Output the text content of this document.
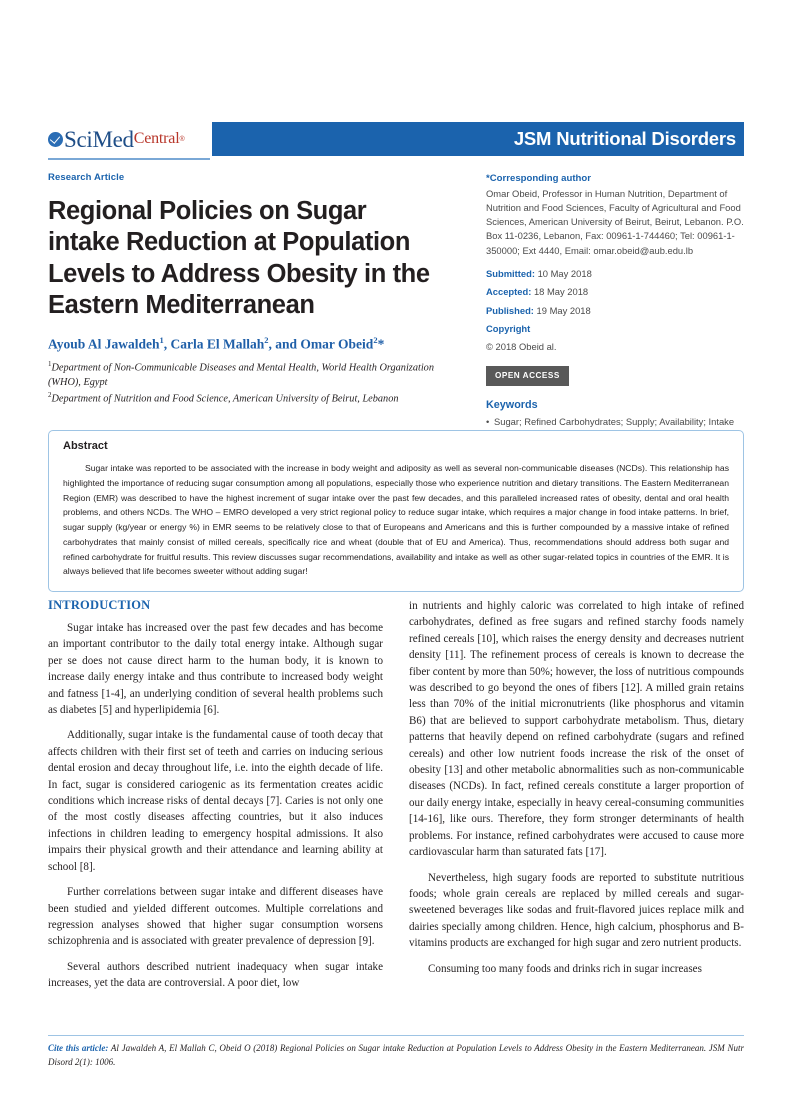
SciMed Central ®	JSM Nutritional Disorders
Research Article
Regional Policies on Sugar intake Reduction at Population Levels to Address Obesity in the Eastern Mediterranean
Ayoub Al Jawaldeh$^1$, Carla El Mallah$^2$, and Omar Obeid$^2$*
$^1$Department of Non-Communicable Diseases and Mental Health, World Health Organization (WHO), Egypt
$^2$Department of Nutrition and Food Science, American University of Beirut, Lebanon
*Corresponding author
Omar Obeid, Professor in Human Nutrition, Department of Nutrition and Food Sciences, Faculty of Agricultural and Food Sciences, American University of Beirut, Beirut, Lebanon. P.O. Box 11-0236, Lebanon, Fax: 00961-1-744460; Tel: 00961-1-350000; Ext 4440, Email: omar.obeid@aub.edu.lb

Submitted: 10 May 2018

Accepted: 18 May 2018

Published: 19 May 2018

Copyright

© 2018 Obeid al.

OPEN ACCESS
Keywords
• Sugar; Refined Carbohydrates; Supply; Availability; Intake
Abstract
Sugar intake was reported to be associated with the increase in body weight and adiposity as well as several non-communicable diseases (NCDs). This relationship has highlighted the importance of reducing sugar consumption among all populations, especially those who experience nutrition and dietary transitions. The Eastern Mediterranean Region (EMR) was described to have the highest increment of sugar intake over the past few decades, and this paralleled increased rates of obesity, dental and oral health problems, and others NCDs. The WHO – EMRO developed a very strict regional policy to reduce sugar intake, which requires a major change in food intake patterns. In brief, sugar supply (kg/year or energy %) in EMR seems to be relatively close to that of Europeans and Americans and this is further compounded by a massive intake of refined carbohydrates that mainly consist of milled cereals, specifically rice and wheat (double that of EU and America). Thus, recommendations should address both sugar and refined carbohydrate for fruitful results. This review discusses sugar recommendations, availability and intake as well as other sugar-related topics in countries of the EMR. It is always believed that life becomes sweeter without adding sugar!
INTRODUCTION

Sugar intake has increased over the past few decades and has become an important contributor to the daily total energy intake. Although sugar per se does not cause direct harm to the human body, it is known to increase daily energy intake and thus contribute to increased body weight and fatness [1-4], an underlying condition of several health problems such as diabetes [5] and hyperlipidemia [6].

Additionally, sugar intake is the fundamental cause of tooth decay that affects children with their first set of teeth and carries on inducing serious dental erosion and decay throughout life, i.e. into the eighth decade of life. In fact, sugar is considered cariogenic as its fermentation creates acidic conditions which increase risks of dental decays [7]. Caries is not only one of the most costly diseases affecting countries, but it also induces infections in children leading to emergency hospital admissions. It also impairs their physical growth and their attendance and learning ability at school [8].

Further correlations between sugar intake and different diseases have been studied and yielded different outcomes. Multiple correlations and regression analyses showed that higher sugar consumption worsens schizophrenia and is associated with greater prevalence of depression [9].

Several authors described nutrient inadequacy when sugar intake increases, yet the data are controversial. A poor diet, low

in nutrients and highly caloric was correlated to high intake of refined carbohydrates, defined as free sugars and refined starchy foods namely refined cereals [10], which raises the energy density and decreases nutrient density [11]. The refinement process of cereals is known to decrease the fiber content by more than 50%; however, the loss of nutritious compounds was described to go beyond the ones of fibers [12]. A milled grain retains less than 70% of the initial micronutrients (like phosphorus and vitamin B6) that are believed to support carbohydrate metabolism. Thus, dietary patterns that heavily depend on refined carbohydrate (sugars and refined cereals) and other low nutrient foods increase the risk of the onset of obesity [13] and other metabolic abnormalities such as non-communicable diseases (NCDs). In fact, refined cereals constitute a larger proportion of our daily energy intake, especially in heavy cereal-consuming communities [14-16], like ours. Therefore, they form stronger determinants of health problems. For instance, refined carbohydrates were accused to cause more cardiovascular harm than saturated fats [17].

Nevertheless, high sugary foods are reported to substitute nutritious foods; whole grain cereals are replaced by milled cereals and sugar-sweetened beverages like sodas and fruit-flavored juices replace milk and dairies specially among children. Hence, high calcium, phosphorus and B-vitamins products are exchanged for high sugar and zero nutrient products.

Consuming too many foods and drinks rich in sugar increases

Cite this article: Al Jawaldeh A, El Mallah C, Obeid O (2018) Regional Policies on Sugar intake Reduction at Population Levels to Address Obesity in the Eastern Mediterranean. JSM Nutr Disord 2(1): 1006.
